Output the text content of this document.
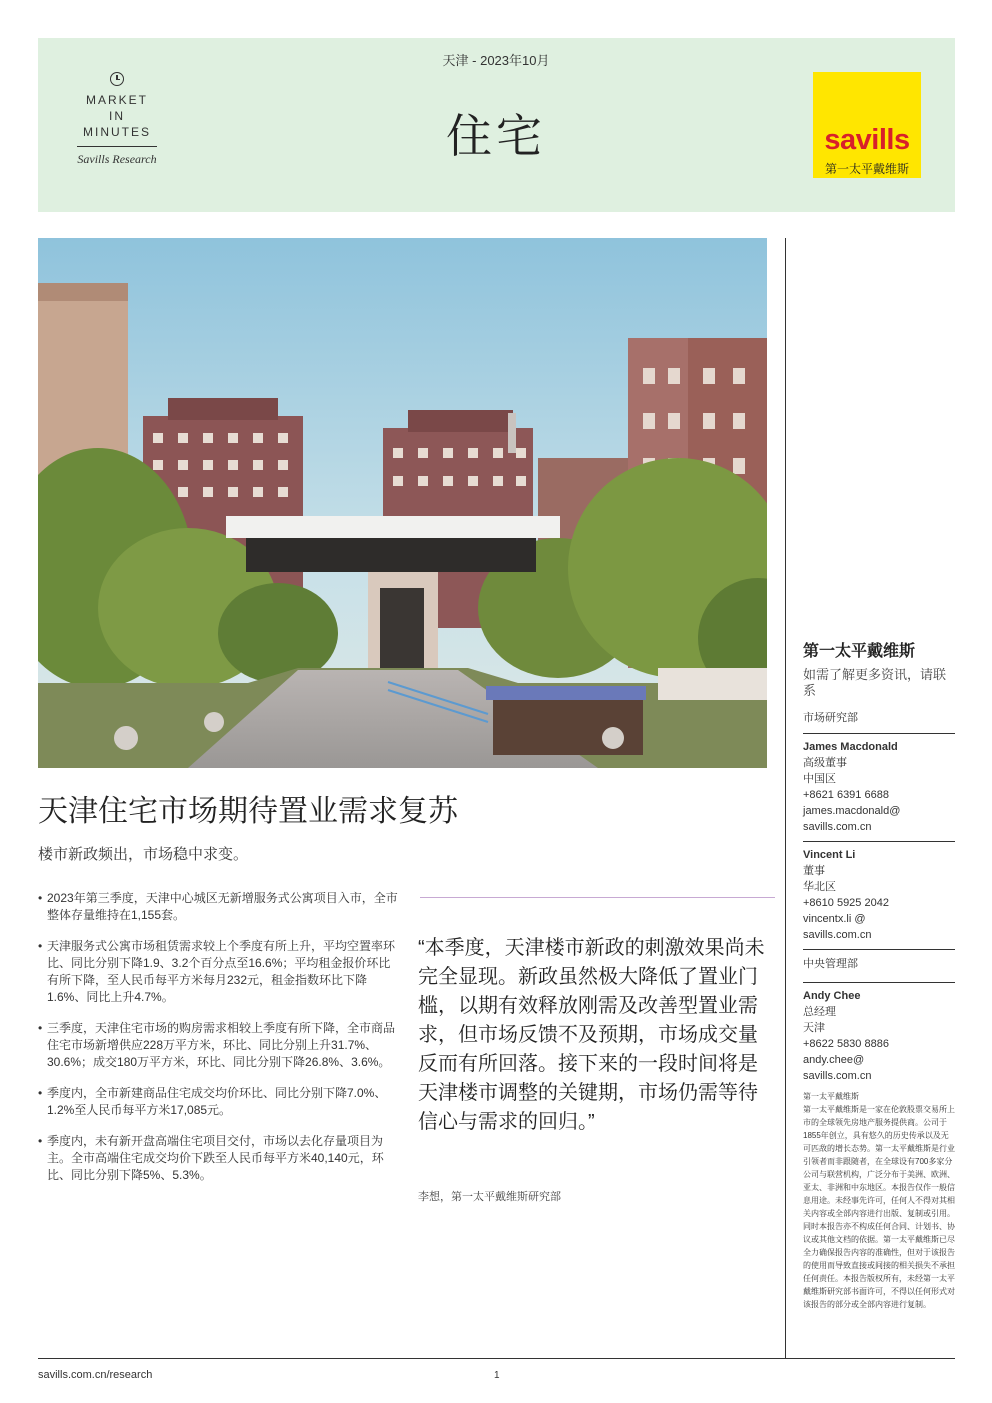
MARKET
IN
MINUTES
Savills Research
天津 - 2023年10月
住宅	savills
第一太平戴维斯
天津住宅市场期待置业需求复苏
楼市新政频出，市场稳中求变。
• 2023年第三季度，天津中心城区无新增服务式公寓项目入市，全市整体存量维持在1,155套。
• 天津服务式公寓市场租赁需求较上个季度有所上升，平均空置率环比、同比分别下降1.9、3.2个百分点至16.6%；平均租金报价环比有所下降，至人民币每平方米每月232元，租金指数环比下降1.6%、同比上升4.7%。
• 三季度，天津住宅市场的购房需求相较上季度有所下降，全市商品住宅市场新增供应228万平方米，环比、同比分别上升31.7%、30.6%；成交180万平方米，环比、同比分别下降26.8%、3.6%。
• 季度内，全市新建商品住宅成交均价环比、同比分别下降7.0%、1.2%至人民币每平方米17,085元。
• 季度内，未有新开盘高端住宅项目交付，市场以去化存量项目为主。全市高端住宅成交均价下跌至人民币每平方米40,140元，环比、同比分别下降5%、5.3%。
“本季度，天津楼市新政的刺激效果尚未完全显现。新政虽然极大降低了置业门槛，以期有效释放刚需及改善型置业需求，但市场反馈不及预期，市场成交量反而有所回落。接下来的一段时间将是天津楼市调整的关键期，市场仍需等待信心与需求的回归。”
李想，第一太平戴维斯研究部
第一太平戴维斯
如需了解更多资讯，请联系
市场研究部
James Macdonald
高级董事
中国区
+8621 6391 6688
james.macdonald@
savills.com.cn
Vincent Li
董事
华北区
+8610 5925 2042
vincentx.li @
savills.com.cn
中央管理部
Andy Chee
总经理
天津
+8622 5830 8886
andy.chee@
savills.com.cn
第一太平戴维斯
第一太平戴维斯是一家在伦敦股票交易所上市的全球领先房地产服务提供商。公司于1855年创立，具有悠久的历史传承以及无可匹敌的增长态势。第一太平戴维斯是行业引领者而非跟随者，在全球设有700多家分公司与联营机构，广泛分布于美洲、欧洲、亚太、非洲和中东地区。本报告仅作一般信息用途。未经事先许可，任何人不得对其相关内容或全部内容进行出版、复制或引用。同时本报告亦不构成任何合同、计划书、协议或其他文档的依据。第一太平戴维斯已尽全力确保报告内容的准确性，但对于该报告的使用而导致直接或间接的相关损失不承担任何责任。本报告版权所有，未经第一太平戴维斯研究部书面许可，不得以任何形式对该报告的部分或全部内容进行复制。
savills.com.cn/research	1
